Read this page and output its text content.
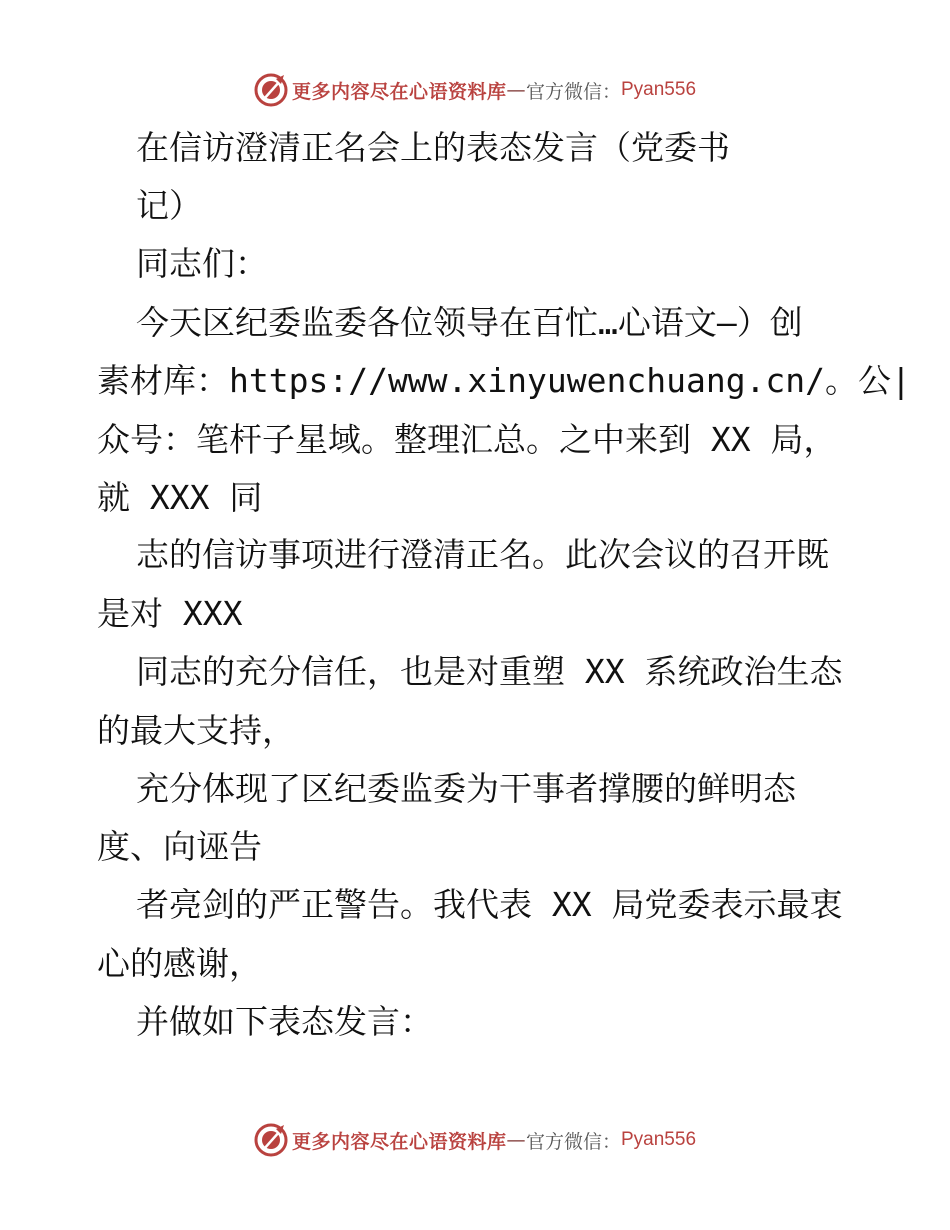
更多内容尽在心语资料库 — 官方微信： Pyan556
在信访澄清正名会上的表态发言（党委书
记）
同志们：
今天区纪委监委各位领导在百忙…心语文—）创
素材库：https://www.xinyuwenchuang.cn/。公|
众号：笔杆子星域。整理汇总。之中来到 XX 局，
就 XXX 同
志的信访事项进行澄清正名。此次会议的召开既
是对 XXX
同志的充分信任，也是对重塑 XX 系统政治生态
的最大支持，
充分体现了区纪委监委为干事者撑腰的鲜明态
度、向诬告
者亮剑的严正警告。我代表 XX 局党委表示最衷
心的感谢，
并做如下表态发言：
更多内容尽在心语资料库 — 官方微信： Pyan556
